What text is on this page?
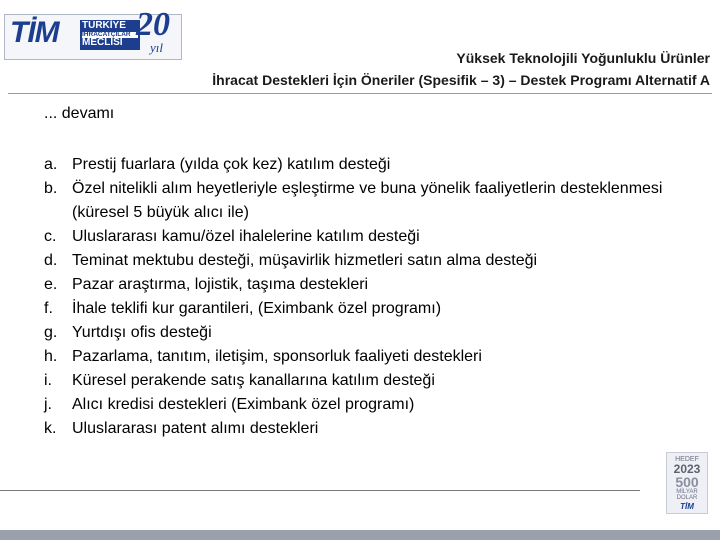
TİM TÜRKİYE
İHRACATÇILAR
MECLİSİ 20
yıl
Yüksek Teknolojili Yoğunluklu Ürünler
İhracat Destekleri İçin Öneriler (Spesifik – 3) – Destek Programı Alternatif A
... devamı
a. Prestij fuarlara (yılda çok kez) katılım desteği
b. Özel nitelikli alım heyetleriyle eşleştirme ve buna yönelik faaliyetlerin desteklenmesi (küresel 5 büyük alıcı ile)
c. Uluslararası kamu/özel ihalelerine katılım desteği
d. Teminat mektubu desteği, müşavirlik hizmetleri satın alma desteği
e. Pazar araştırma, lojistik, taşıma destekleri
f. İhale teklifi kur garantileri, (Eximbank özel programı)
g. Yurtdışı ofis desteği
h. Pazarlama, tanıtım, iletişim, sponsorluk faaliyeti destekleri
i. Küresel perakende satış kanallarına katılım desteği
j. Alıcı kredisi destekleri (Eximbank özel programı)
k. Uluslararası patent alımı destekleri
HEDEF
2023
500
MİLYAR DOLAR
TİM
